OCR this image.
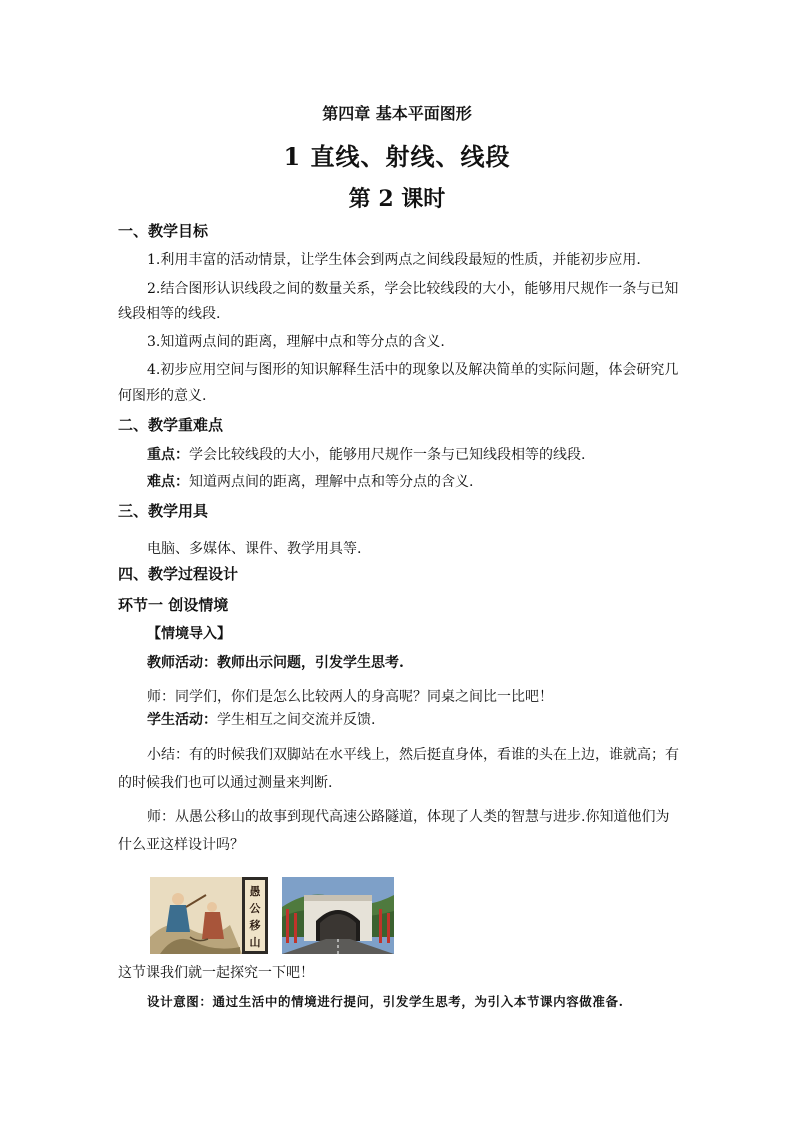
第四章 基本平面图形
1 直线、射线、线段
第 2 课时
一、教学目标
1.利用丰富的活动情景，让学生体会到两点之间线段最短的性质，并能初步应用.
2.结合图形认识线段之间的数量关系，学会比较线段的大小，能够用尺规作一条与已知
线段相等的线段.
3.知道两点间的距离，理解中点和等分点的含义.
4.初步应用空间与图形的知识解释生活中的现象以及解决简单的实际问题，体会研究几
何图形的意义.
二、教学重难点
重点：学会比较线段的大小，能够用尺规作一条与已知线段相等的线段.
难点：知道两点间的距离，理解中点和等分点的含义.
三、教学用具
电脑、多媒体、课件、教学用具等.
四、教学过程设计
环节一 创设情境
【情境导入】
教师活动：教师出示问题，引发学生思考.
师：同学们，你们是怎么比较两人的身高呢？同桌之间比一比吧！
学生活动：学生相互之间交流并反馈.
小结：有的时候我们双脚站在水平线上，然后挺直身体，看谁的头在上边，谁就高；有
的时候我们也可以通过测量来判断.
师：从愚公移山的故事到现代高速公路隧道，体现了人类的智慧与进步.你知道他们为
什么亚这样设计吗？
愚
公
移
山
这节课我们就一起探究一下吧！
设计意图：通过生活中的情境进行提问，引发学生思考，为引入本节课内容做准备.
